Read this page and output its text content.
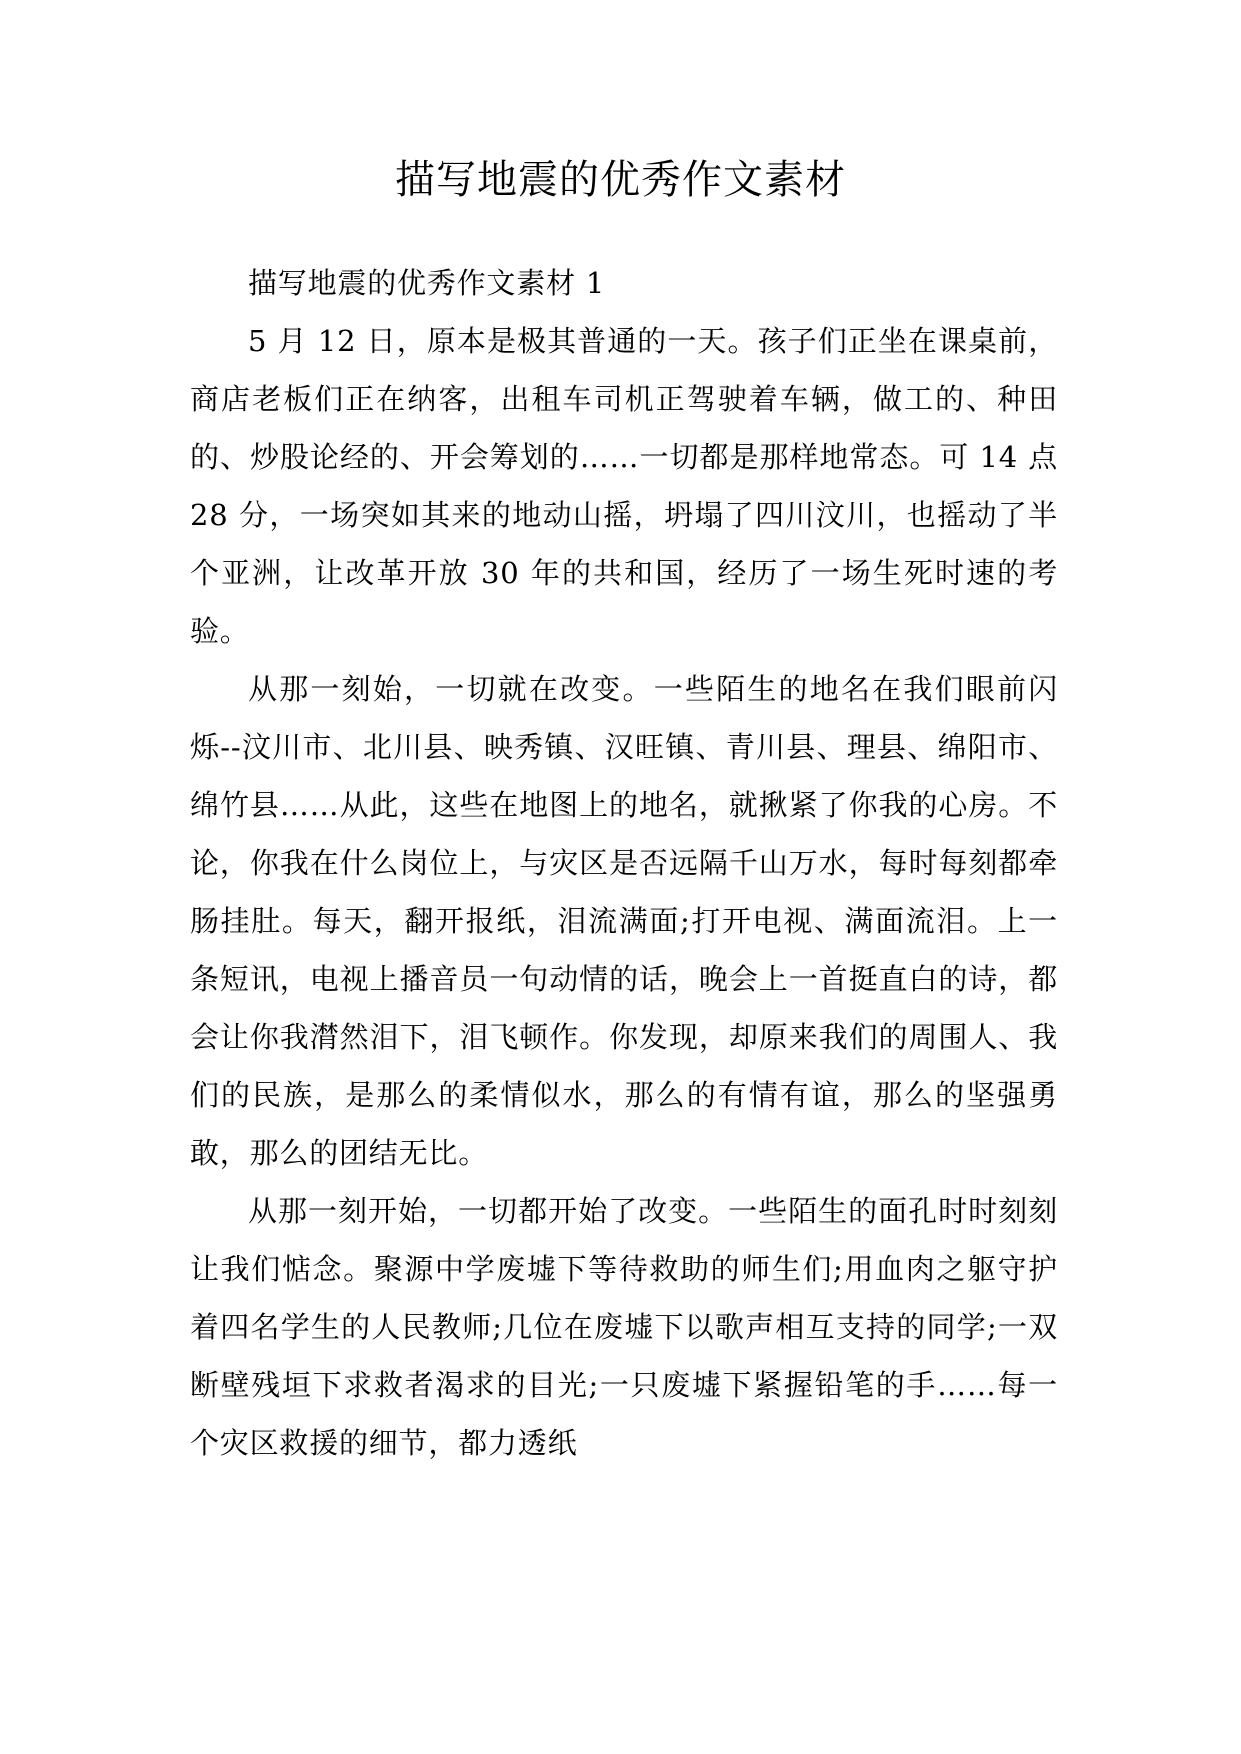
描写地震的优秀作文素材

描写地震的优秀作文素材 1

5 月 12 日，原本是极其普通的一天。孩子们正坐在课桌前，商店老板们正在纳客，出租车司机正驾驶着车辆，做工的、种田的、炒股论经的、开会筹划的……一切都是那样地常态。可 14 点 28 分，一场突如其来的地动山摇，坍塌了四川汶川，也摇动了半个亚洲，让改革开放 30 年的共和国，经历了一场生死时速的考验。

从那一刻始，一切就在改变。一些陌生的地名在我们眼前闪烁--汶川市、北川县、映秀镇、汉旺镇、青川县、理县、绵阳市、绵竹县……从此，这些在地图上的地名，就揪紧了你我的心房。不论，你我在什么岗位上，与灾区是否远隔千山万水，每时每刻都牵肠挂肚。每天，翻开报纸，泪流满面;打开电视、满面流泪。上一条短讯，电视上播音员一句动情的话，晚会上一首挺直白的诗，都会让你我潸然泪下，泪飞顿作。你发现，却原来我们的周围人、我们的民族，是那么的柔情似水，那么的有情有谊，那么的坚强勇敢，那么的团结无比。

从那一刻开始，一切都开始了改变。一些陌生的面孔时时刻刻让我们惦念。聚源中学废墟下等待救助的师生们;用血肉之躯守护着四名学生的人民教师;几位在废墟下以歌声相互支持的同学;一双断壁残垣下求救者渴求的目光;一只废墟下紧握铅笔的手……每一个灾区救援的细节，都力透纸
